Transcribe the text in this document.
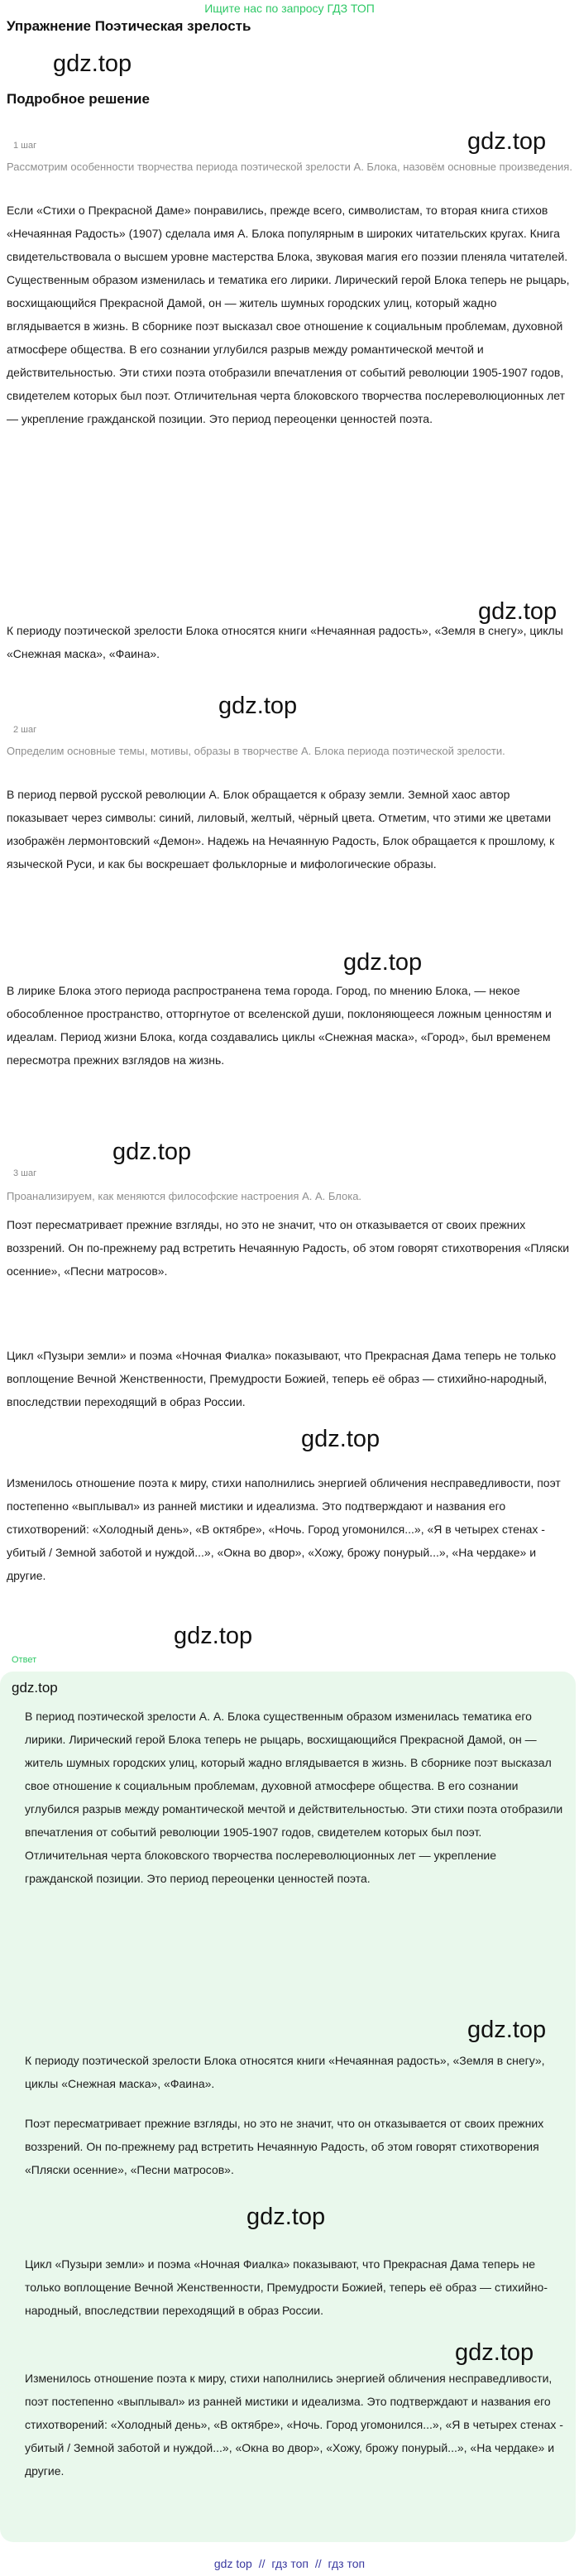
Ищите нас по запросу ГДЗ ТОП
Упражнение Поэтическая зрелость
gdz.top
Подробное решение
gdz.top
1 шаг

Рассмотрим особенности творчества периода поэтической зрелости А. Блока, назовём основные произведения.

Если «Стихи о Прекрасной Даме» понравились, прежде всего, символистам, то вторая книга стихов «Нечаянная Радость» (1907) сделала имя А. Блока популярным в широких читательских кругах. Книга свидетельствовала о высшем уровне мастерства Блока, звуковая магия его поэзии пленяла читателей. Существенным образом изменилась и тематика его лирики. Лирический герой Блока теперь не рыцарь, восхищающийся Прекрасной Дамой, он — житель шумных городских улиц, который жадно вглядывается в жизнь. В сборнике поэт высказал свое отношение к социальным проблемам, духовной атмосфере общества. В его сознании углубился разрыв между романтической мечтой и действительностью. Эти стихи поэта отобразили впечатления от событий революции 1905-1907 годов, свидетелем которых был поэт. Отличительная черта блоковского творчества послереволюционных лет — укрепление гражданской позиции. Это период переоценки ценностей поэта.

gdz.top

К периоду поэтической зрелости Блока относятся книги «Нечаянная радость», «Земля в снегу», циклы «Снежная маска», «Фаина».

gdz.top
2 шаг

Определим основные темы, мотивы, образы в творчестве А. Блока периода поэтической зрелости.

В период первой русской революции А. Блок обращается к образу земли. Земной хаос автор показывает через символы: синий, лиловый, желтый, чёрный цвета. Отметим, что этими же цветами изображён лермонтовский «Демон». Надежь на Нечаянную Радость, Блок обращается к прошлому, к языческой Руси, и как бы воскрешает фольклорные и мифологические образы.

gdz.top

В лирике Блока этого периода распространена тема города. Город, по мнению Блока, — некое обособленное пространство, отторгнутое от вселенской души, поклоняющееся ложным ценностям и идеалам. Период жизни Блока, когда создавались циклы «Снежная маска», «Город», был временем пересмотра прежних взглядов на жизнь.

gdz.top
3 шаг

Проанализируем, как меняются философские настроения А. А. Блока.

Поэт пересматривает прежние взгляды, но это не значит, что он отказывается от своих прежних воззрений. Он по-прежнему рад встретить Нечаянную Радость, об этом говорят стихотворения «Пляски осенние», «Песни матросов».

Цикл «Пузыри земли» и поэма «Ночная Фиалка» показывают, что Прекрасная Дама теперь не только воплощение Вечной Женственности, Премудрости Божией, теперь её образ — стихийно-народный, впоследствии переходящий в образ России.

gdz.top

Изменилось отношение поэта к миру, стихи наполнились энергией обличения несправедливости, поэт постепенно «выплывал» из ранней мистики и идеализма. Это подтверждают и названия его стихотворений: «Холодный день», «В октябре», «Ночь. Город угомонился...», «Я в четырех стенах - убитый / Земной заботой и нуждой...», «Окна во двор», «Хожу, брожу понурый...», «На чердаке» и другие.

gdz.top
Ответ
gdz.top

В период поэтической зрелости А. А. Блока существенным образом изменилась тематика его лирики. Лирический герой Блока теперь не рыцарь, восхищающийся Прекрасной Дамой, он — житель шумных городских улиц, который жадно вглядывается в жизнь. В сборнике поэт высказал свое отношение к социальным проблемам, духовной атмосфере общества. В его сознании углубился разрыв между романтической мечтой и действительностью. Эти стихи поэта отобразили впечатления от событий революции 1905-1907 годов, свидетелем которых был поэт. Отличительная черта блоковского творчества послереволюционных лет — укрепление гражданской позиции. Это период переоценки ценностей поэта.

gdz.top

К периоду поэтической зрелости Блока относятся книги «Нечаянная радость», «Земля в снегу», циклы «Снежная маска», «Фаина».

Поэт пересматривает прежние взгляды, но это не значит, что он отказывается от своих прежних воззрений. Он по-прежнему рад встретить Нечаянную Радость, об этом говорят стихотворения «Пляски осенние», «Песни матросов».

gdz.top

Цикл «Пузыри земли» и поэма «Ночная Фиалка» показывают, что Прекрасная Дама теперь не только воплощение Вечной Женственности, Премудрости Божией, теперь её образ — стихийно-народный, впоследствии переходящий в образ России.

gdz.top

Изменилось отношение поэта к миру, стихи наполнились энергией обличения несправедливости, поэт постепенно «выплывал» из ранней мистики и идеализма. Это подтверждают и названия его стихотворений: «Холодный день», «В октябре», «Ночь. Город угомонился...», «Я в четырех стенах - убитый / Земной заботой и нуждой...», «Окна во двор», «Хожу, брожу понурый...», «На чердаке» и другие.

gdz top // гдз топ // гдз топ
